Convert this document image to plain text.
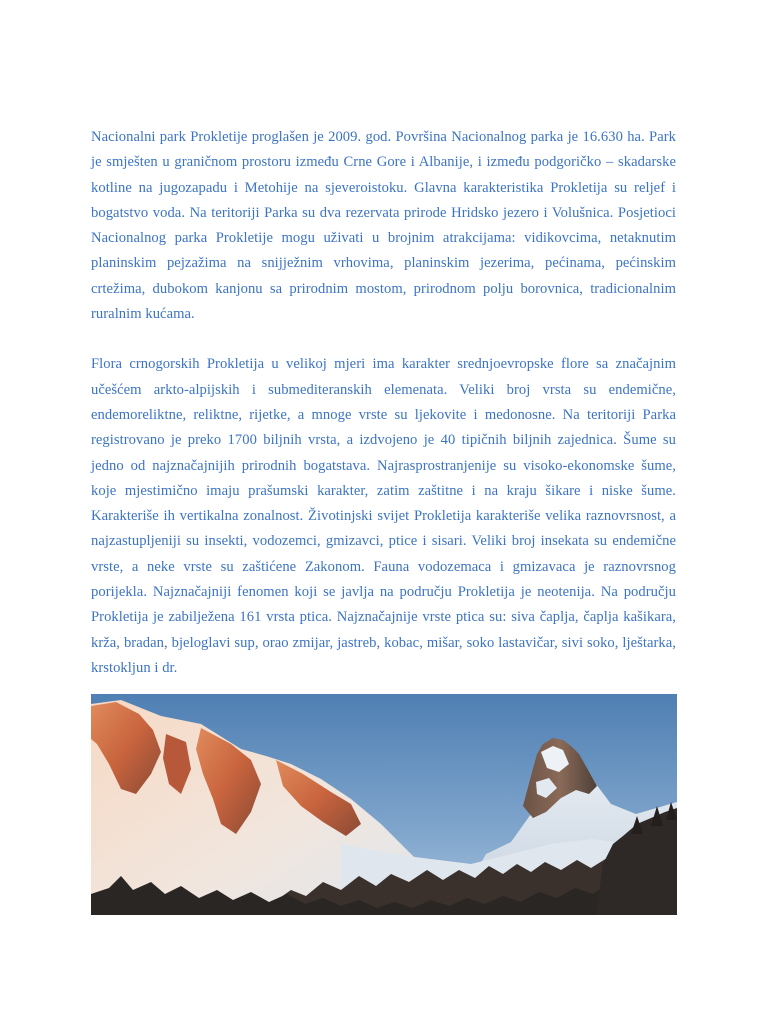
Nacionalni park Prokletije proglašen je 2009. god. Površina Nacionalnog parka je 16.630 ha. Park je smješten u graničnom prostoru između Crne Gore i Albanije, i između podgoričko – skadarske kotline na jugozapadu i Metohije na sjeveroistoku. Glavna karakteristika Prokletija su reljef i bogatstvo voda. Na teritoriji Parka su dva rezervata prirode Hridsko jezero i Volušnica. Posjetioci Nacionalnog parka Prokletije mogu uživati u brojnim atrakcijama: vidikovcima, netaknutim planinskim pejzažima na snijježnim vrhovima, planinskim jezerima, pećinama, pećinskim crtežima, dubokom kanjonu sa prirodnim mostom, prirodnom polju borovnica, tradicionalnim ruralnim kućama.

Flora crnogorskih Prokletija u velikoj mjeri ima karakter srednjoevropske flore sa značajnim učešćem arkto-alpijskih i submediteranskih elemenata. Veliki broj vrsta su endemične, endemoreliktne, reliktne, rijetke, a mnoge vrste su ljekovite i medonosne. Na teritoriji Parka registrovano je preko 1700 biljnih vrsta, a izdvojeno je 40 tipičnih biljnih zajednica. Šume su jedno od najznačajnijih prirodnih bogatstava. Najrasprostranjenije su visoko-ekonomske šume, koje mjestimično imaju prašumski karakter, zatim zaštitne i na kraju šikare i niske šume. Karakteriše ih vertikalna zonalnost. Životinjski svijet Prokletija karakteriše velika raznovrsnost, a najzastupljeniji su insekti, vodozemci, gmizavci, ptice i sisari. Veliki broj insekata su endemične vrste, a neke vrste su zaštićene Zakonom. Fauna vodozemaca i gmizavaca je raznovrsnog porijekla. Najznačajniji fenomen koji se javlja na području Prokletija je neotenija. Na području Prokletija je zabilježena 161 vrsta ptica. Najznačajnije vrste ptica su: siva čaplja, čaplja kašikara, krža, bradan, bjeloglavi sup, orao zmijar, jastreb, kobac, mišar, soko lastavičar, sivi soko, lještarka, krstokljun i dr.
